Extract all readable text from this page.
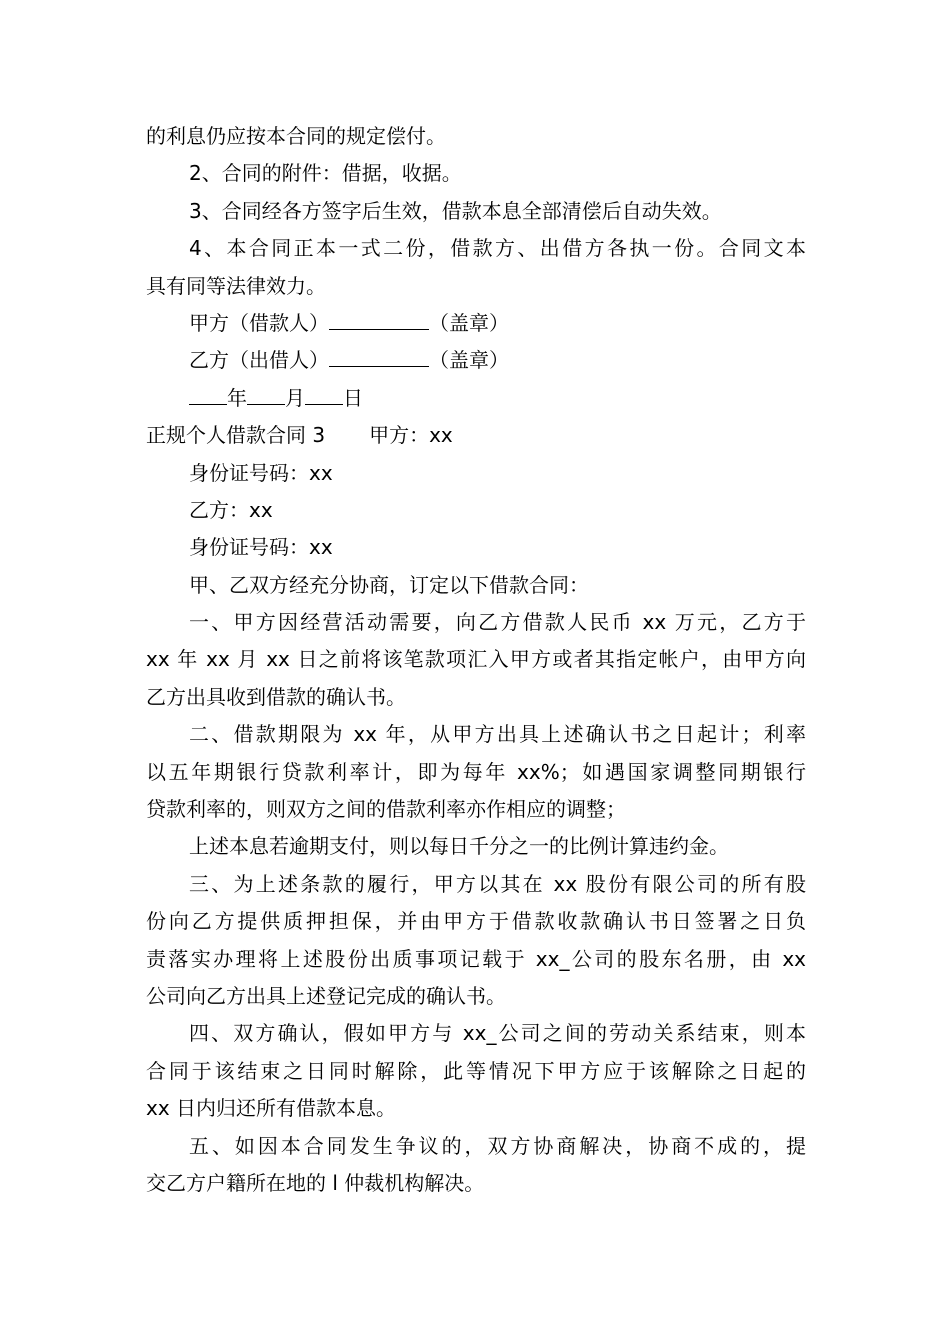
的利息仍应按本合同的规定偿付。
2、合同的附件：借据，收据。
3、合同经各方签字后生效，借款本息全部清偿后自动失效。
4、本合同正本一式二份，借款方、出借方各执一份。合同文本
具有同等法律效力。
甲方（借款人）	（盖章）
乙方（出借人）	（盖章）
年 月 日
正规个人借款合同 3 甲方：xx
身份证号码：xx
乙方：xx
身份证号码：xx
甲、乙双方经充分协商，订定以下借款合同：
一、甲方因经营活动需要，向乙方借款人民币 xx 万元，乙方于
xx 年 xx 月 xx 日之前将该笔款项汇入甲方或者其指定帐户，由甲方向
乙方出具收到借款的确认书。
二、借款期限为 xx 年，从甲方出具上述确认书之日起计；利率
以五年期银行贷款利率计，即为每年 xx%；如遇国家调整同期银行
贷款利率的，则双方之间的借款利率亦作相应的调整；
上述本息若逾期支付，则以每日千分之一的比例计算违约金。
三、为上述条款的履行，甲方以其在 xx 股份有限公司的所有股
份向乙方提供质押担保，并由甲方于借款收款确认书日签署之日负
责落实办理将上述股份出质事项记载于 xx_公司的股东名册，由 xx
公司向乙方出具上述登记完成的确认书。
四、双方确认，假如甲方与 xx_公司之间的劳动关系结束，则本
合同于该结束之日同时解除，此等情况下甲方应于该解除之日起的
xx 日内归还所有借款本息。
五、如因本合同发生争议的，双方协商解决，协商不成的，提
交乙方户籍所在地的 l 仲裁机构解决。
